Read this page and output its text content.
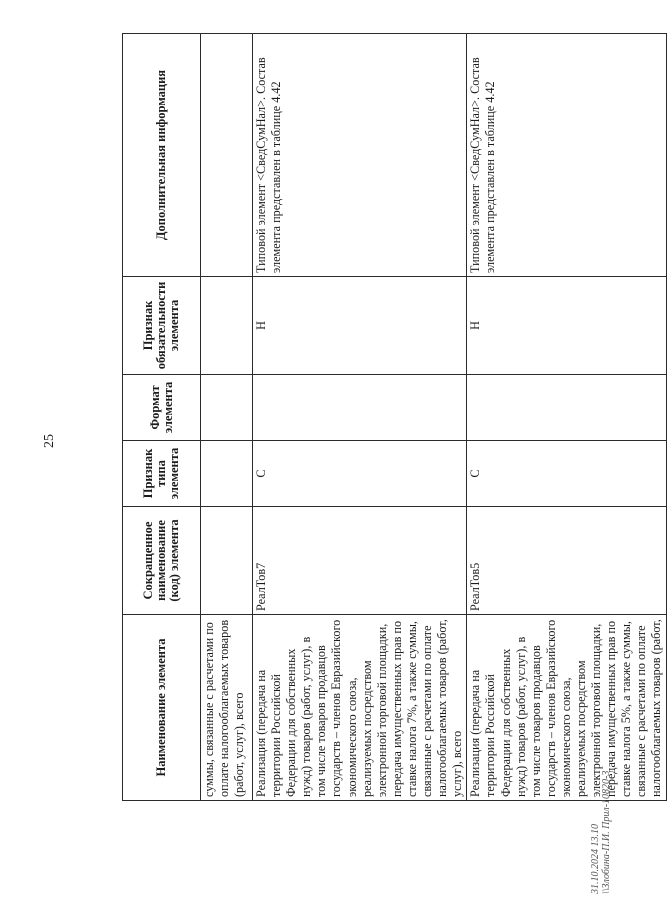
25
Наименование элемента	Сокращенное наименование (код) элемента	Признак типа элемента	Формат элемента	Признак обязательности элемента	Дополнительная информация
суммы, связанные с расчетами по оплате налогооблагаемых товаров (работ, услуг), всего					
Реализация (передача на территории Российской Федерации для собственных нужд) товаров (работ, услуг), в том числе товаров продавцов государств – членов Евразийского экономического союза, реализуемых посредством электронной торговой площадки, передача имущественных прав по ставке налога 7%, а также суммы, связанные с расчетами по оплате налогооблагаемых товаров (работ, услуг), всего	РеалТов7	С		Н	Типовой элемент <СведСумНал>. Состав элемента представлен в таблице 4.42
Реализация (передача на территории Российской Федерации для собственных нужд) товаров (работ, услуг), в том числе товаров продавцов государств – членов Евразийского экономического союза, реализуемых посредством электронной торговой площадки, передача имущественных прав по ставке налога 5%, а также суммы, связанные с расчетами по оплате налогооблагаемых товаров (работ,	РеалТов5	С		Н	Типовой элемент <СведСумНал>. Состав элемента представлен в таблице 4.42
31.10.2024 13.10 \\Злобина-П.И. Прил-10820-3
